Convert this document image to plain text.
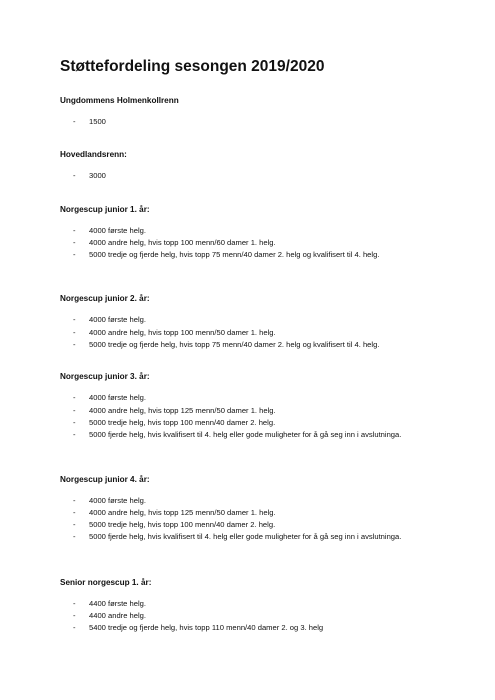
Støttefordeling sesongen 2019/2020
Ungdommens Holmenkollrenn
- 1500
Hovedlandsrenn:
- 3000
Norgescup junior 1. år:
- 4000 første helg.
- 4000 andre helg, hvis topp 100 menn/60 damer 1. helg.
- 5000 tredje og fjerde helg, hvis topp 75 menn/40 damer 2. helg og kvalifisert til 4. helg.
Norgescup junior 2. år:
- 4000 første helg.
- 4000 andre helg, hvis topp 100 menn/50 damer 1. helg.
- 5000 tredje og fjerde helg, hvis topp 75 menn/40 damer 2. helg og kvalifisert til 4. helg.
Norgescup junior 3. år:
- 4000 første helg.
- 4000 andre helg, hvis topp 125 menn/50 damer 1. helg.
- 5000 tredje helg, hvis topp 100 menn/40 damer 2. helg.
- 5000 fjerde helg, hvis kvalifisert til 4. helg eller gode muligheter for å gå seg inn i avslutninga.
Norgescup junior 4. år:
- 4000 første helg.
- 4000 andre helg, hvis topp 125 menn/50 damer 1. helg.
- 5000 tredje helg, hvis topp 100 menn/40 damer 2. helg.
- 5000 fjerde helg, hvis kvalifisert til 4. helg eller gode muligheter for å gå seg inn i avslutninga.
Senior norgescup 1. år:
- 4400 første helg.
- 4400 andre helg.
- 5400 tredje og fjerde helg, hvis topp 110 menn/40 damer 2. og 3. helg
